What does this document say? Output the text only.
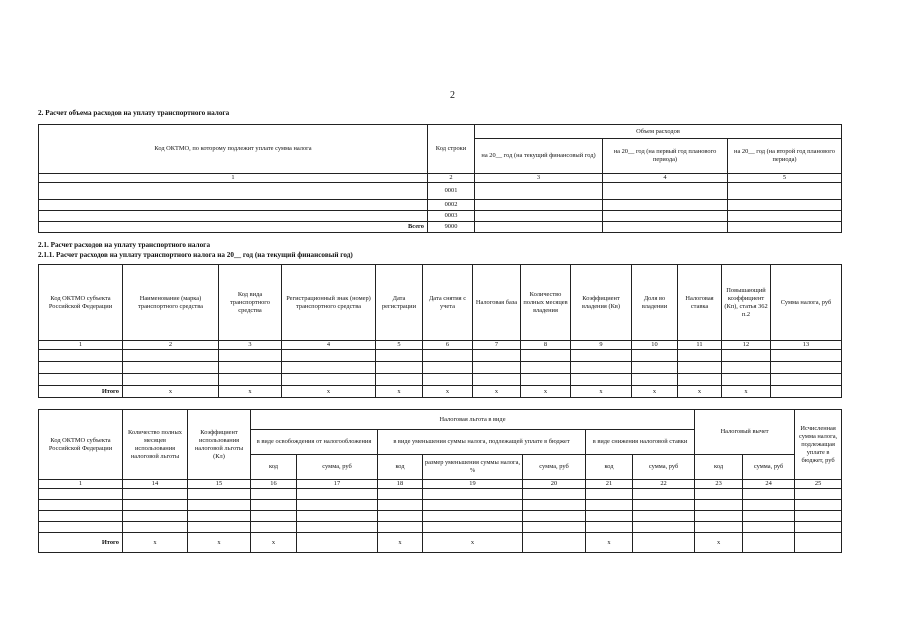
2
2. Расчет объема расходов на уплату транспортного налога
Код ОКТМО, по которому подлежит уплате сумма налога	Код строки	Объем расходов		
		на 20__ год (на текущий финансовый год)	на 20__ год (на первый год планового периода)	на 20__ год (на второй год планового периода)
1	2	3	4	5
	0001			
	0002			
	0003			
Всего	9000			
2.1. Расчет расходов на уплату транспортного налога
2.1.1. Расчет расходов на уплату транспортного налога на 20__ год (на текущий финансовый год)
Код ОКТМО субъекта Российской Федерации	Наименование (марка) транспортного средства	Код вида транспортного средства	Регистрационный знак (номер) транспортного средства	Дата регистрации	Дата снятия с учета	Налоговая база	Количество полных месяцев владения	Коэффициент владения (Кв)	Доля во владении	Налоговая ставка	Повышающий коэффициент (Кп), статья 362 п.2	Сумма налога, руб
1	2	3	4	5	6	7	8	9	10	11	12	13

Итого	x	x	x	x	x	x	x	x	x	x	x	
Код ОКТМО субъекта Российской Федерации	Количество полных месяцев использования налоговой льготы	Коэффициент использования налоговой льготы (Кл)	Налоговая льгота в виде							Налоговый вычет		Исчисленная сумма налога, подлежащая уплате в бюджет, руб
			в виде освобождения от налогообложения		в виде уменьшения суммы налога, подлежащей уплате в бюджет			в виде снижения налоговой ставки				
			код	сумма, руб	код	размер уменьшения суммы налога, %	сумма, руб	код	сумма, руб	код	сумма, руб	
1	14	15	16	17	18	19	20	21	22	23	24	25

Итого	x	x	x		x	x		x		x		
